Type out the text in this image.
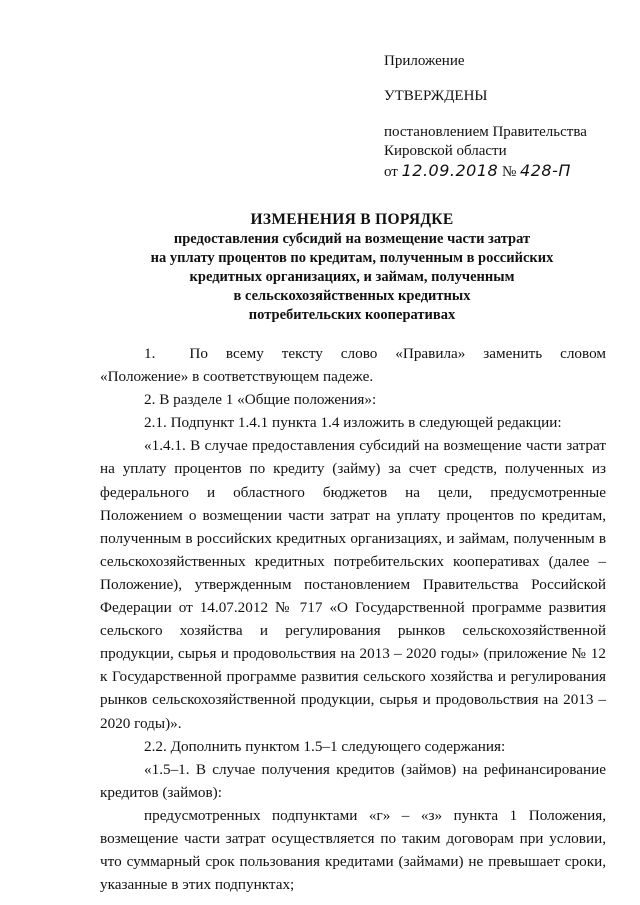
Приложение
УТВЕРЖДЕНЫ
постановлением Правительства
Кировской области
от 12.09.2018 № 428-П
ИЗМЕНЕНИЯ В ПОРЯДКЕ
предоставления субсидий на возмещение части затрат
на уплату процентов по кредитам, полученным в российских
кредитных организациях, и займам, полученным
в сельскохозяйственных кредитных
потребительских кооперативах

1. По всему тексту слово «Правила» заменить словом «Положение» в соответствующем падеже.

2. В разделе 1 «Общие положения»:

2.1. Подпункт 1.4.1 пункта 1.4 изложить в следующей редакции:

«1.4.1. В случае предоставления субсидий на возмещение части затрат на уплату процентов по кредиту (займу) за счет средств, полученных из федерального и областного бюджетов на цели, предусмотренные Положением о возмещении части затрат на уплату процентов по кредитам, полученным в российских кредитных организациях, и займам, полученным в сельскохозяйственных кредитных потребительских кооперативах (далее – Положение), утвержденным постановлением Правительства Российской Федерации от 14.07.2012 № 717 «О Государственной программе развития сельского хозяйства и регулирования рынков сельскохозяйственной продукции, сырья и продовольствия на 2013 – 2020 годы» (приложение № 12 к Государственной программе развития сельского хозяйства и регулирования рынков сельскохозяйственной продукции, сырья и продовольствия на 2013 – 2020 годы)».

2.2. Дополнить пунктом 1.5–1 следующего содержания:

«1.5–1. В случае получения кредитов (займов) на рефинансирование кредитов (займов):

предусмотренных подпунктами «г» – «з» пункта 1 Положения, возмещение части затрат осуществляется по таким договорам при условии, что суммарный срок пользования кредитами (займами) не превышает сроки, указанные в этих подпунктах;
